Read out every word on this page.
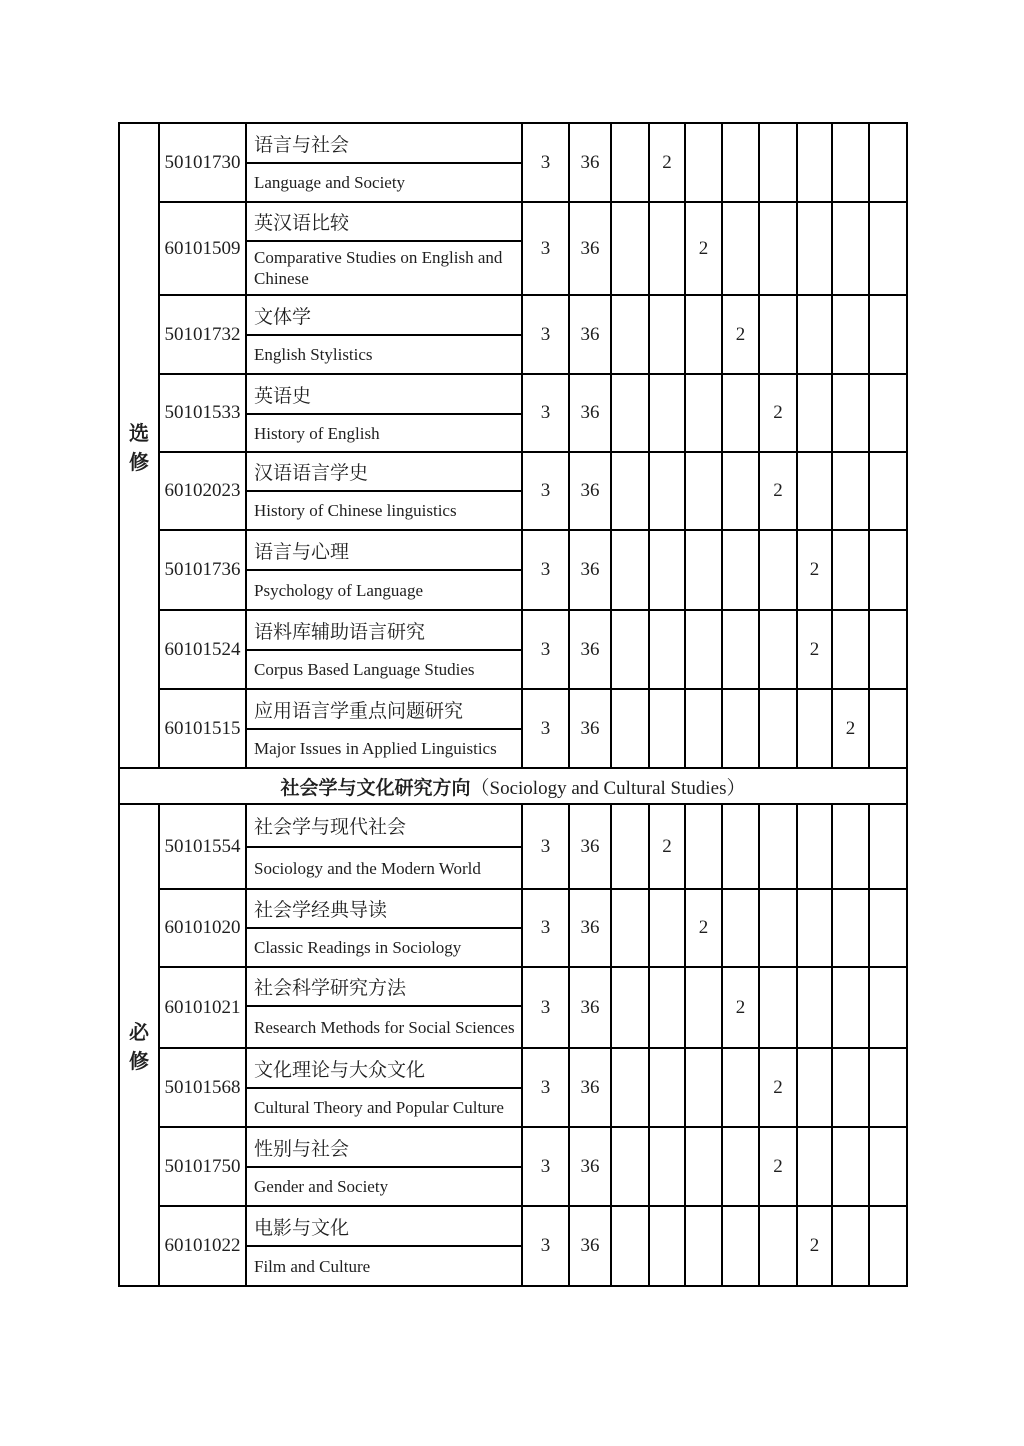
选修	50101730	语言与社会	3	36		2						
		Language and Society										
	60101509	英汉语比较	3	36			2					
		Comparative Studies on English and Chinese										
	50101732	文体学	3	36				2				
		English Stylistics										
	50101533	英语史	3	36					2			
		History of English										
	60102023	汉语语言学史	3	36					2			
		History of Chinese linguistics										
	50101736	语言与心理	3	36						2		
		Psychology of Language										
	60101524	语料库辅助语言研究	3	36						2		
		Corpus Based Language Studies										
	60101515	应用语言学重点问题研究	3	36							2	
		Major Issues in Applied Linguistics										
社会学与文化研究方向（Sociology and Cultural Studies）												
必修	50101554	社会学与现代社会	3	36		2						
		Sociology and the Modern World										
	60101020	社会学经典导读	3	36			2					
		Classic Readings in Sociology										
	60101021	社会科学研究方法	3	36				2				
		Research Methods for Social Sciences										
	50101568	文化理论与大众文化	3	36					2			
		Cultural Theory and Popular Culture										
	50101750	性别与社会	3	36					2			
		Gender and Society										
	60101022	电影与文化	3	36						2		
		Film and Culture										
